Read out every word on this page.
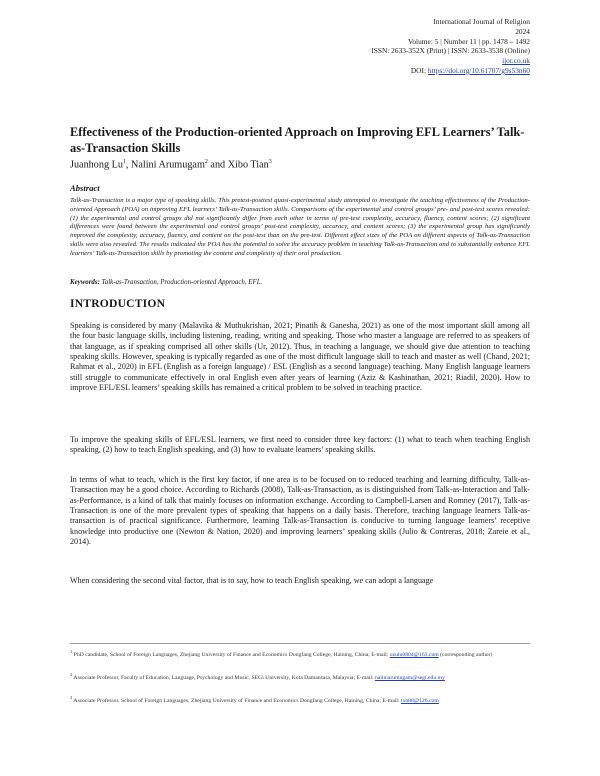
International Journal of Religion
2024
Volume: 5 | Number 11 | pp. 1478 – 1492
ISSN: 2633-352X (Print) | ISSN: 2633-3538 (Online)
ijor.co.uk
DOI: https://doi.org/10.61707/g9s53n60
Effectiveness of the Production-oriented Approach on Improving EFL Learners’ Talk-as-Transaction Skills
Juanhong Lu$^1$, Nalini Arumugam$^2$ and Xibo Tian$^3$
Abstract

Talk-as-Transaction is a major type of speaking skills. This pretest-posttest quasi-experimental study attempted to investigate the teaching effectiveness of the Production-oriented Approach (POA) on improving EFL learners’ Talk-as-Transaction skills. Comparisons of the experimental and control groups’ pre- and post-test scores revealed: (1) the experimental and control groups did not significantly differ from each other in terms of pre-test complexity, accuracy, fluency, content scores; (2) significant differences were found between the experimental and control groups’ post-test complexity, accuracy, and content scores; (3) the experimental group has significantly improved the complexity, accuracy, fluency, and content on the post-test than on the pre-test. Different effect sizes of the POA on different aspects of Talk-as-Transaction skills were also revealed. The results indicated the POA has the potential to solve the accuracy problem in teaching Talk-as-Transaction and to substantially enhance EFL learners’ Talk-as-Transaction skills by promoting the content and complexity of their oral production.

Keywords: Talk-as-Transaction, Production-oriented Approach, EFL.
INTRODUCTION

Speaking is considered by many (Malavika & Muthukrishan, 2021; Pinatih & Ganesha, 2021) as one of the most important skill among all the four basic language skills, including listening, reading, writing and speaking. Those who master a language are referred to as speakers of that language, as if speaking comprised all other skills (Ur, 2012). Thus, in teaching a language, we should give due attention to teaching speaking skills. However, speaking is typically regarded as one of the most difficult language skill to teach and master as well (Chand, 2021; Rahmat et al., 2020) in EFL (English as a foreign language) / ESL (English as a second language) teaching. Many English language learners still struggle to communicate effectively in oral English even after years of learning (Aziz & Kashinathan, 2021; Riadil, 2020). How to improve EFL/ESL learners’ speaking skills has remained a critical problem to be solved in teaching practice.

To improve the speaking skills of EFL/ESL learners, we first need to consider three key factors: (1) what to teach when teaching English speaking, (2) how to teach English speaking, and (3) how to evaluate learners’ speaking skills.

In terms of what to teach, which is the first key factor, if one area is to be focused on to reduced teaching and learning difficulty, Talk-as-Transaction may be a good choice. According to Richards (2008), Talk-as-Transaction, as is distinguished from Talk-as-Interaction and Talk-as-Performance, is a kind of talk that mainly focuses on information exchange. According to Campbell-Larsen and Romney (2017), Talk-as-Transaction is one of the more prevalent types of speaking that happens on a daily basis. Therefore, teaching language learners Talk-as-transaction is of practical significance. Furthermore, learning Talk-as-Transaction is conducive to turning language learners’ receptive knowledge into productive one (Newton & Nation, 2020) and improving learners’ speaking skills (Julio & Contreras, 2018; Zareie et al., 2014).

When considering the second vital factor, that is to say, how to teach English speaking, we can adopt a language

$^1$ PhD candidate, School of Foreign Languages, Zhejiang University of Finance and Economics Dongfang College, Haining, China; E-mail: ozulu0804@163.com (corresponding author)

$^2$ Associate Professor, Faculty of Education, Language, Psychology and Music, SEGi University, Kota Damansara, Malaysia; E-mail: naliniarumugam@segi.edu.my

$^3$ Associate Professor, School of Foreign Languages, Zhejiang University of Finance and Economics Dongfang College, Haining, China; E-mail: txb88@126.com
